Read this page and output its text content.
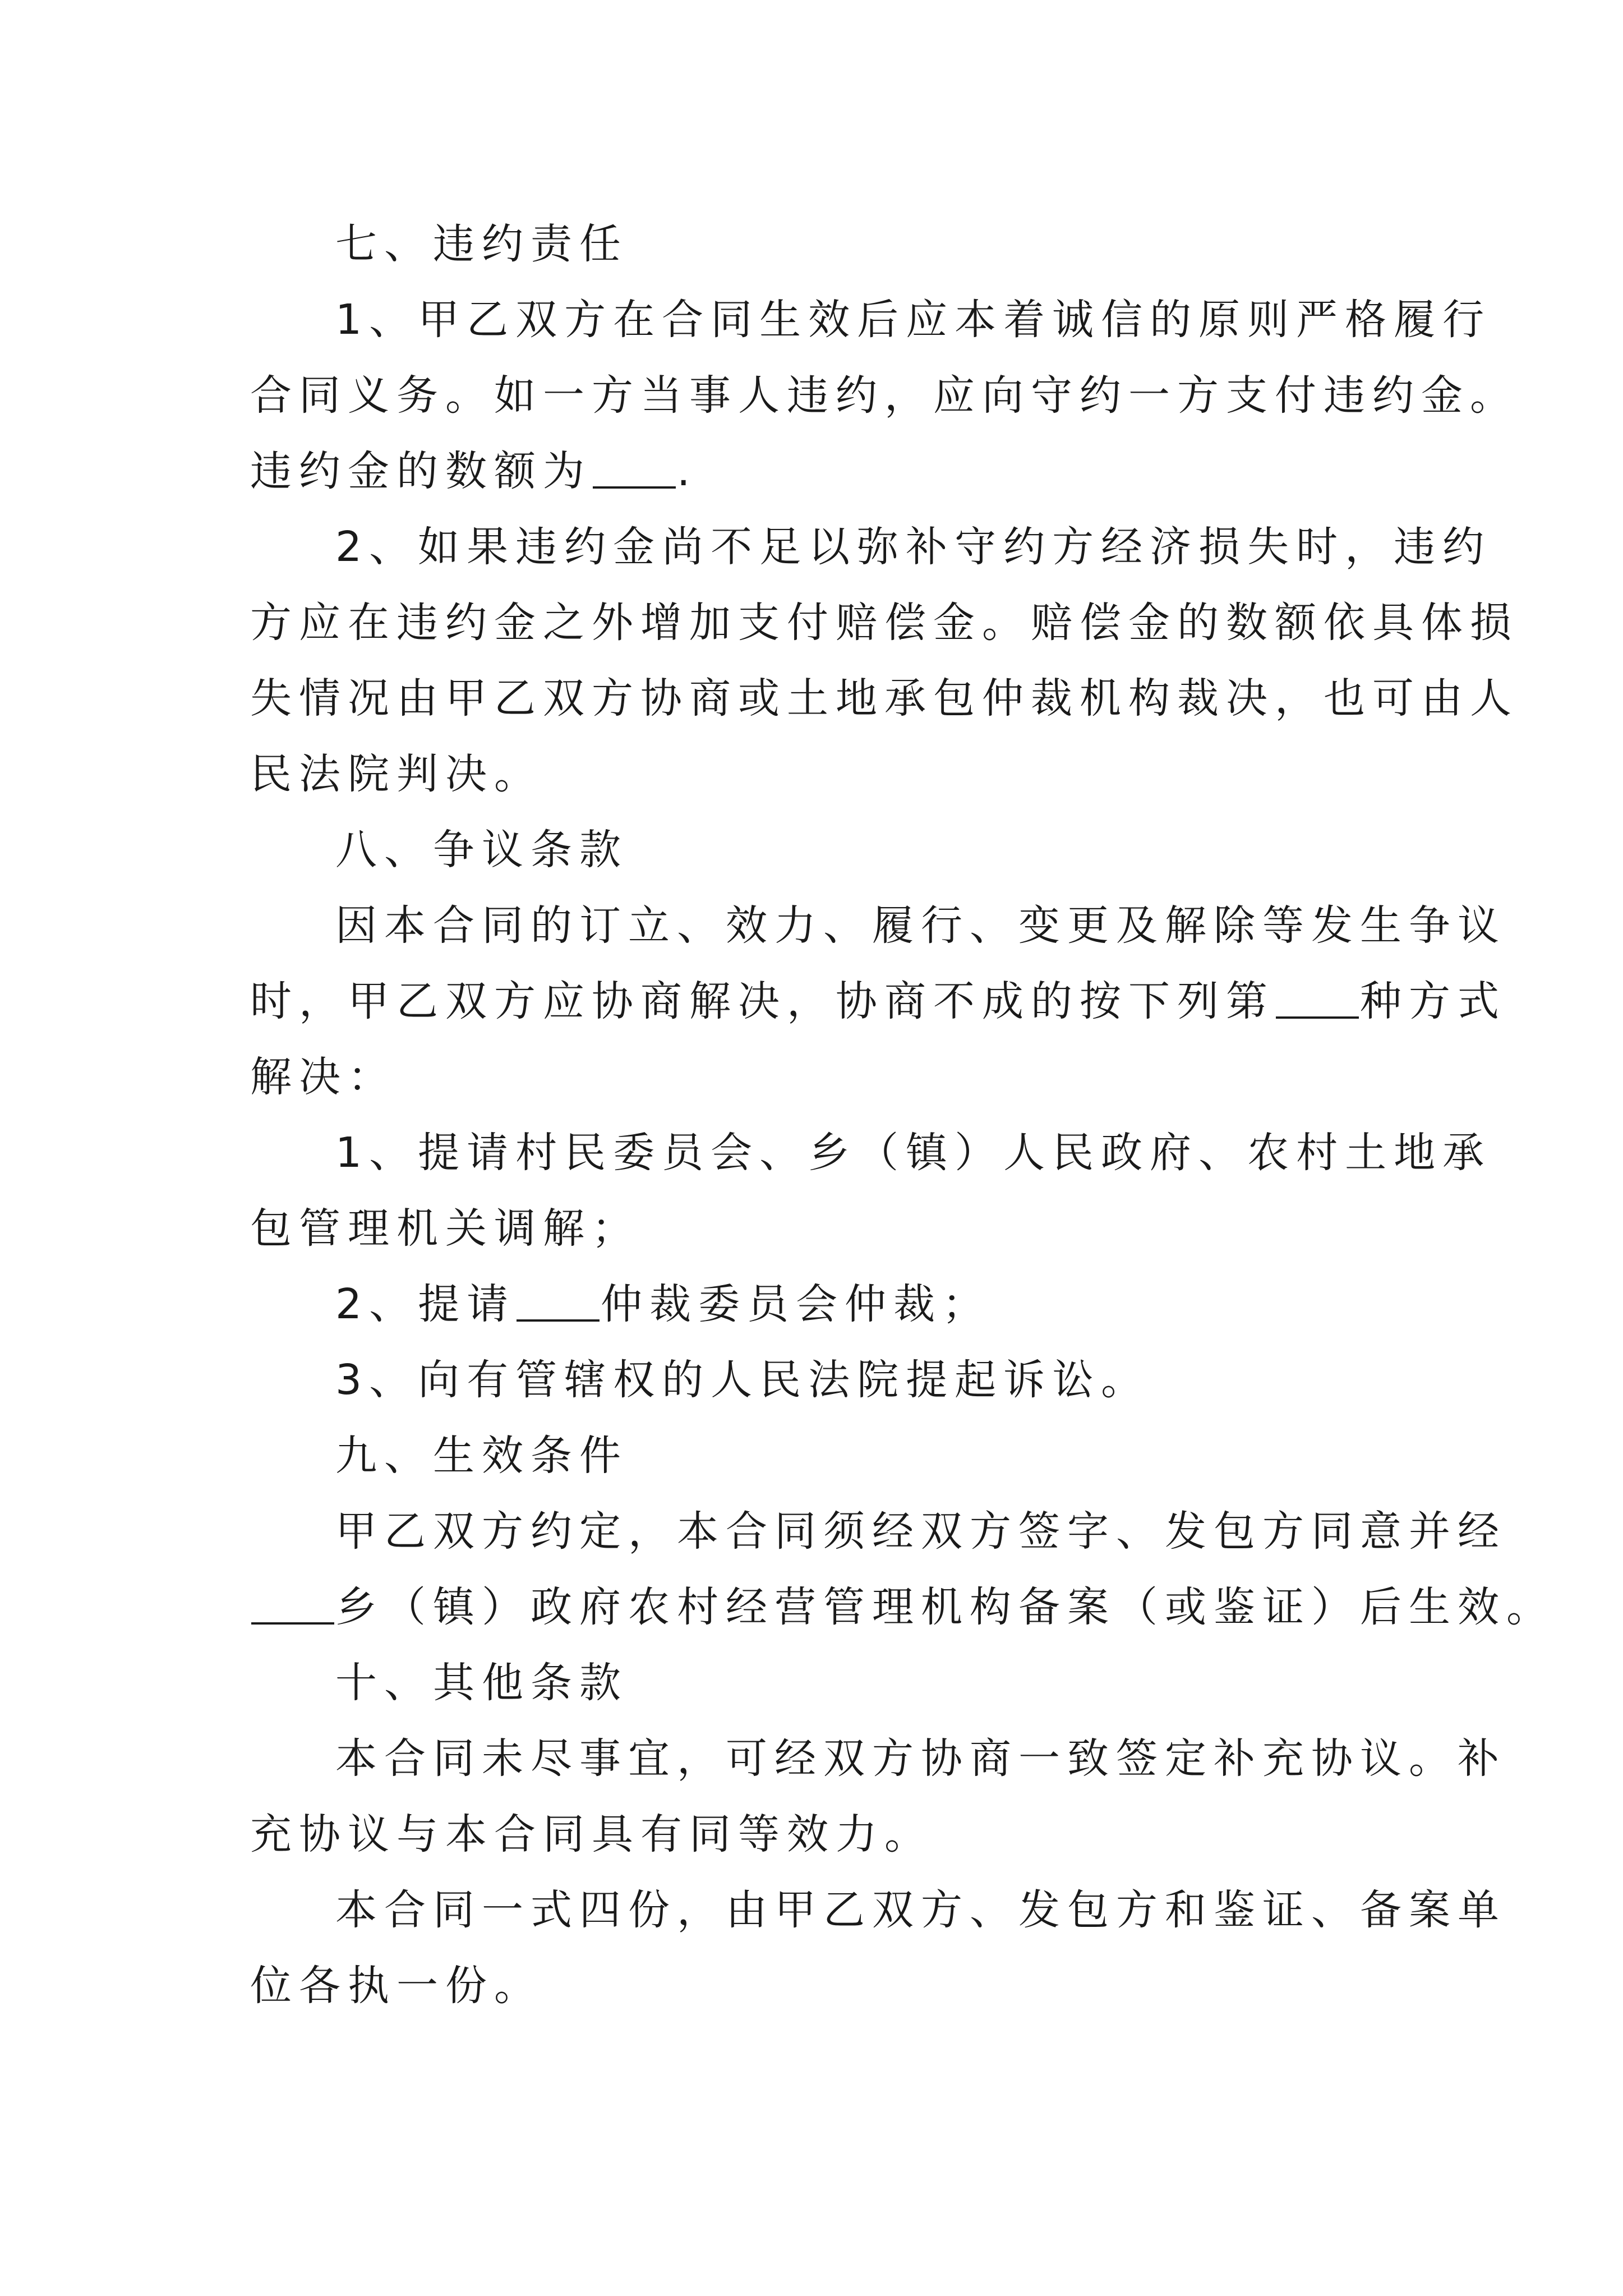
七、违约责任

1、甲乙双方在合同生效后应本着诚信的原则严格履行

合同义务。如一方当事人违约，应向守约一方支付违约金。

违约金的数额为 .

2、如果违约金尚不足以弥补守约方经济损失时，违约

方应在违约金之外增加支付赔偿金。赔偿金的数额依具体损

失情况由甲乙双方协商或土地承包仲裁机构裁决，也可由人

民法院判决。

八、争议条款

因本合同的订立、效力、履行、变更及解除等发生争议

时，甲乙双方应协商解决，协商不成的按下列第 种方式

解决：

1、提请村民委员会、乡（镇）人民政府、农村土地承

包管理机关调解；

2、提请 仲裁委员会仲裁；

3、向有管辖权的人民法院提起诉讼。

九、生效条件

甲乙双方约定，本合同须经双方签字、发包方同意并经

乡（镇）政府农村经营管理机构备案（或鉴证）后生效。

十、其他条款

本合同未尽事宜，可经双方协商一致签定补充协议。补

充协议与本合同具有同等效力。

本合同一式四份，由甲乙双方、发包方和鉴证、备案单

位各执一份。
